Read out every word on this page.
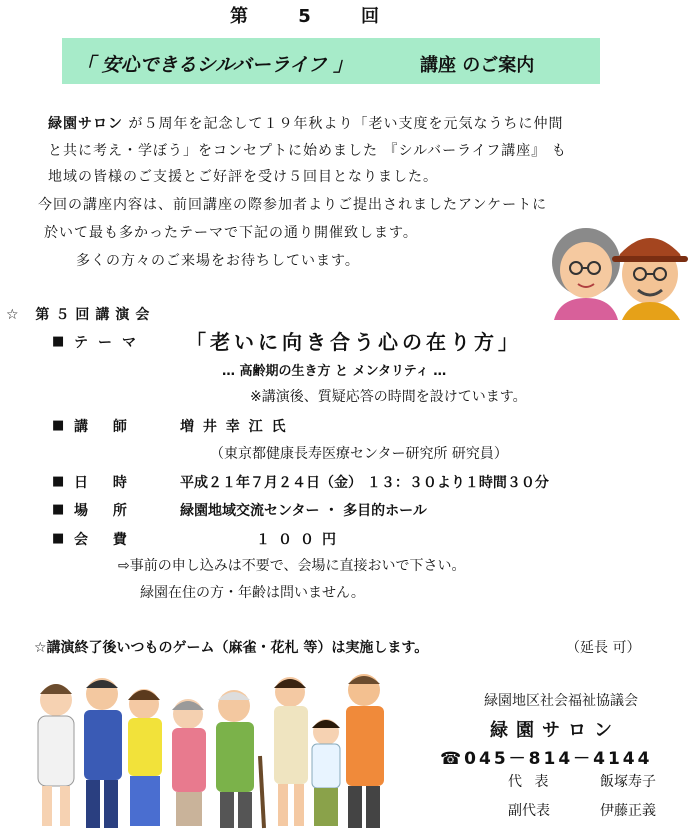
第 5 回
「 安心できるシルバーライフ 」	講座 のご案内
緑園サロン が５周年を記念して１９年秋より「老い支度を元気なうちに仲間
と共に考え・学ぼう」をコンセプトに始めました 『シルバーライフ講座』 も
地域の皆様のご支援とご好評を受け５回目となりました。
今回の講座内容は、前回講座の際参加者よりご提出されましたアンケートに
於いて最も多かったテーマで下記の通り開催致します。
多くの方々のご来場をお待ちしています。
☆ 第５回講演会
■ テーマ 「老いに向き合う心の在り方」
… 高齢期の生き方 と メンタリティ …
※講演後、質疑応答の時間を設けています。
■ 講 師	増 井 幸 江 氏
（東京都健康長寿医療センター研究所 研究員）
■ 日 時	平成２１年７月２４日（金） １３：３０より１時間３０分
■ 場 所	緑園地域交流センター ・ 多目的ホール
■ 会 費	１００円
⇨事前の申し込みは不要で、会場に直接おいで下さい。
緑園在住の方・年齢は問いません。
☆講演終了後いつものゲーム（麻雀・花札 等）は実施します。	（延長 可）
緑園地区社会福祉協議会
緑園サロン
☎045－814－4144
代 表	飯塚寿子
副代表	伊藤正義
